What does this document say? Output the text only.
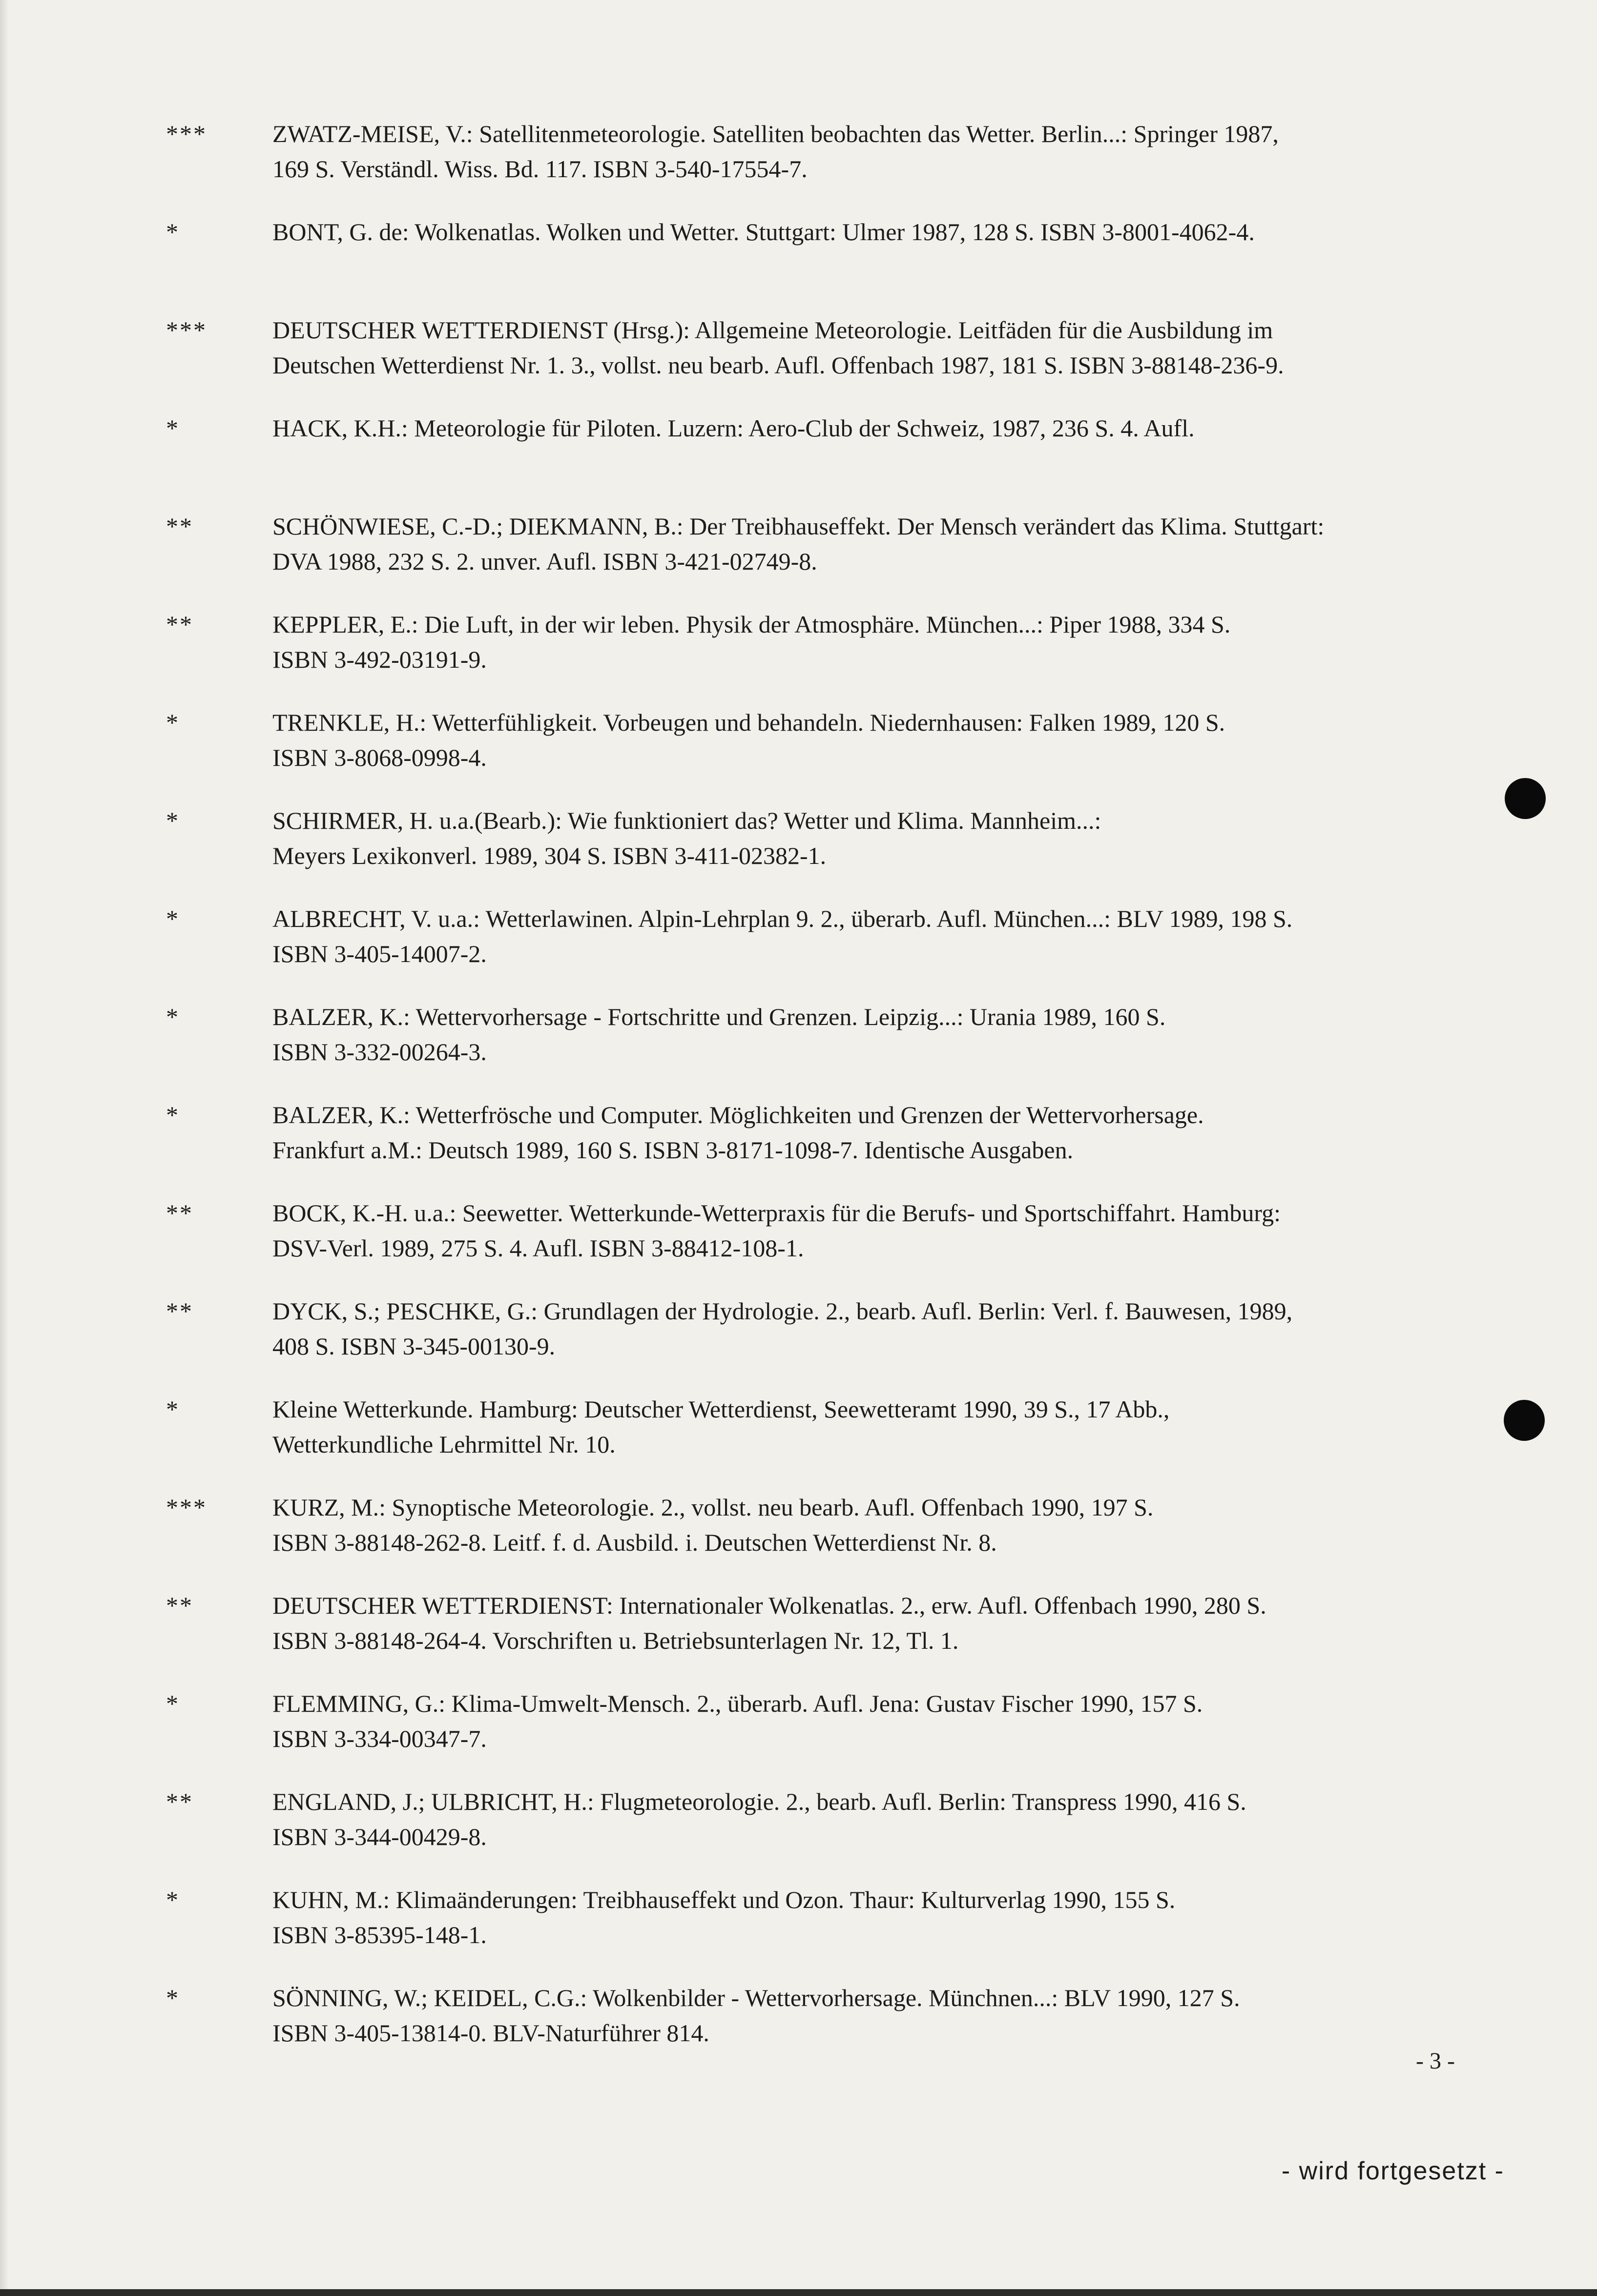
***	ZWATZ-MEISE, V.: Satellitenmeteorologie. Satelliten beobachten das Wetter. Berlin...: Springer 1987,
169 S. Verständl. Wiss. Bd. 117. ISBN 3-540-17554-7.
*	BONT, G. de: Wolkenatlas. Wolken und Wetter. Stuttgart: Ulmer 1987, 128 S. ISBN 3-8001-4062-4.
***	DEUTSCHER WETTERDIENST (Hrsg.): Allgemeine Meteorologie. Leitfäden für die Ausbildung im
Deutschen Wetterdienst Nr. 1. 3., vollst. neu bearb. Aufl. Offenbach 1987, 181 S. ISBN 3-88148-236-9.
*	HACK, K.H.: Meteorologie für Piloten. Luzern: Aero-Club der Schweiz, 1987, 236 S. 4. Aufl.
**	SCHÖNWIESE, C.-D.; DIEKMANN, B.: Der Treibhauseffekt. Der Mensch verändert das Klima. Stuttgart:
DVA 1988, 232 S. 2. unver. Aufl. ISBN 3-421-02749-8.
**	KEPPLER, E.: Die Luft, in der wir leben. Physik der Atmosphäre. München...: Piper 1988, 334 S.
ISBN 3-492-03191-9.
*	TRENKLE, H.: Wetterfühligkeit. Vorbeugen und behandeln. Niedernhausen: Falken 1989, 120 S.
ISBN 3-8068-0998-4.
*	SCHIRMER, H. u.a.(Bearb.): Wie funktioniert das? Wetter und Klima. Mannheim...:
Meyers Lexikonverl. 1989, 304 S. ISBN 3-411-02382-1.
*	ALBRECHT, V. u.a.: Wetterlawinen. Alpin-Lehrplan 9. 2., überarb. Aufl. München...: BLV 1989, 198 S.
ISBN 3-405-14007-2.
*	BALZER, K.: Wettervorhersage - Fortschritte und Grenzen. Leipzig...: Urania 1989, 160 S.
ISBN 3-332-00264-3.
*	BALZER, K.: Wetterfrösche und Computer. Möglichkeiten und Grenzen der Wettervorhersage.
Frankfurt a.M.: Deutsch 1989, 160 S. ISBN 3-8171-1098-7. Identische Ausgaben.
**	BOCK, K.-H. u.a.: Seewetter. Wetterkunde-Wetterpraxis für die Berufs- und Sportschiffahrt. Hamburg:
DSV-Verl. 1989, 275 S. 4. Aufl. ISBN 3-88412-108-1.
**	DYCK, S.; PESCHKE, G.: Grundlagen der Hydrologie. 2., bearb. Aufl. Berlin: Verl. f. Bauwesen, 1989,
408 S. ISBN 3-345-00130-9.
*	Kleine Wetterkunde. Hamburg: Deutscher Wetterdienst, Seewetteramt 1990, 39 S., 17 Abb.,
Wetterkundliche Lehrmittel Nr. 10.
***	KURZ, M.: Synoptische Meteorologie. 2., vollst. neu bearb. Aufl. Offenbach 1990, 197 S.
ISBN 3-88148-262-8. Leitf. f. d. Ausbild. i. Deutschen Wetterdienst Nr. 8.
**	DEUTSCHER WETTERDIENST: Internationaler Wolkenatlas. 2., erw. Aufl. Offenbach 1990, 280 S.
ISBN 3-88148-264-4. Vorschriften u. Betriebsunterlagen Nr. 12, Tl. 1.
*	FLEMMING, G.: Klima-Umwelt-Mensch. 2., überarb. Aufl. Jena: Gustav Fischer 1990, 157 S.
ISBN 3-334-00347-7.
**	ENGLAND, J.; ULBRICHT, H.: Flugmeteorologie. 2., bearb. Aufl. Berlin: Transpress 1990, 416 S.
ISBN 3-344-00429-8.
*	KUHN, M.: Klimaänderungen: Treibhauseffekt und Ozon. Thaur: Kulturverlag 1990, 155 S.
ISBN 3-85395-148-1.
*	SÖNNING, W.; KEIDEL, C.G.: Wolkenbilder - Wettervorhersage. Münchnen...: BLV 1990, 127 S.
ISBN 3-405-13814-0. BLV-Naturführer 814.
- 3 -
- wird fortgesetzt -
